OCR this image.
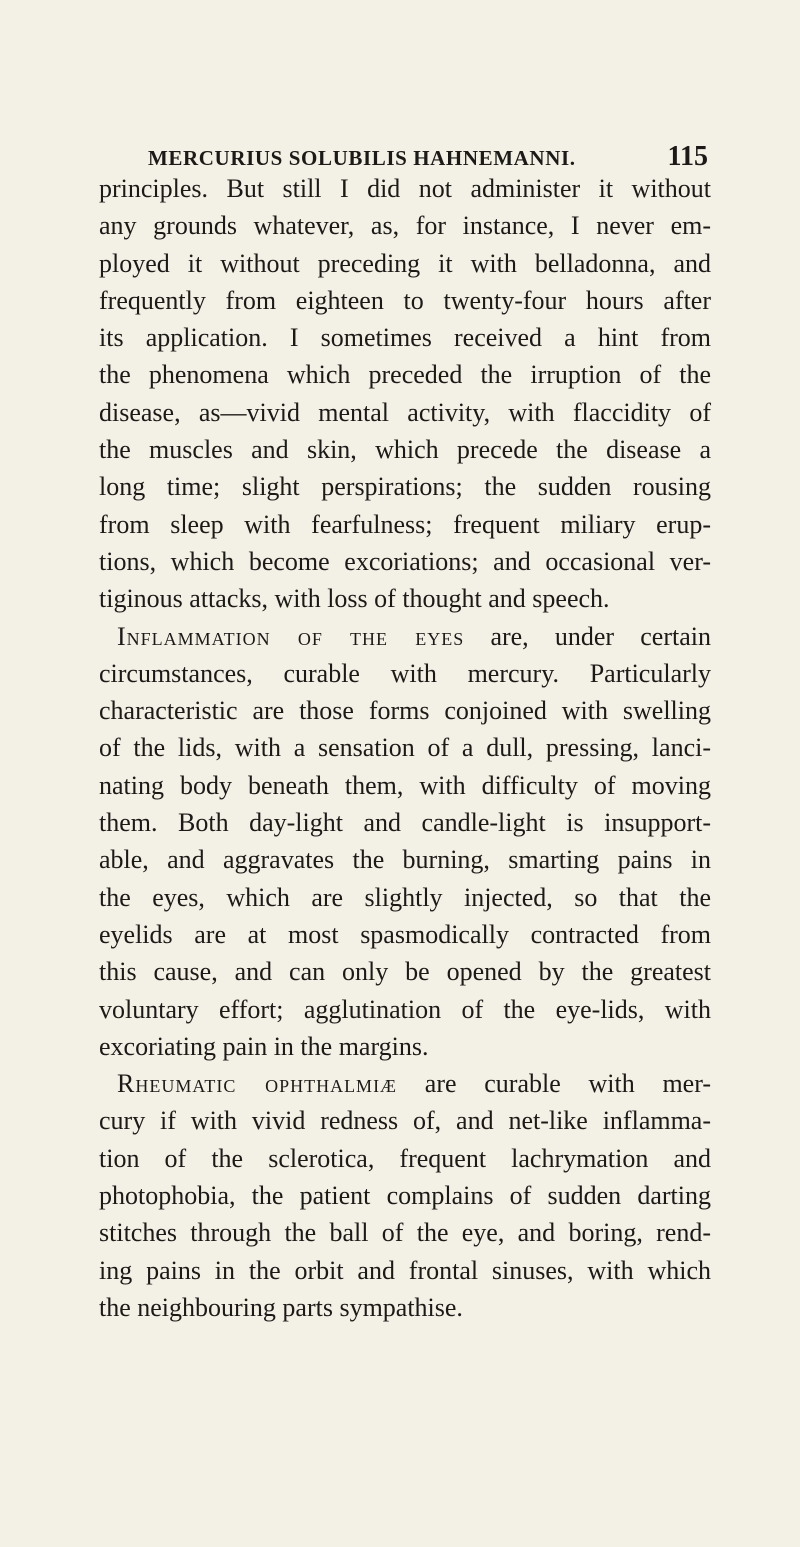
MERCURIUS SOLUBILIS HAHNEMANNI.	115
principles. But still I did not administer it without
any grounds whatever, as, for instance, I never em-
ployed it without preceding it with belladonna, and
frequently from eighteen to twenty-four hours after
its application. I sometimes received a hint from
the phenomena which preceded the irruption of the
disease, as—vivid mental activity, with flaccidity of
the muscles and skin, which precede the disease a
long time; slight perspirations; the sudden rousing
from sleep with fearfulness; frequent miliary erup-
tions, which become excoriations; and occasional ver-
tiginous attacks, with loss of thought and speech.
Inflammation of the eyes are, under certain
circumstances, curable with mercury. Particularly
characteristic are those forms conjoined with swelling
of the lids, with a sensation of a dull, pressing, lanci-
nating body beneath them, with difficulty of moving
them. Both day-light and candle-light is insupport-
able, and aggravates the burning, smarting pains in
the eyes, which are slightly injected, so that the
eyelids are at most spasmodically contracted from
this cause, and can only be opened by the greatest
voluntary effort; agglutination of the eye-lids, with
excoriating pain in the margins.
Rheumatic ophthalmiæ are curable with mer-
cury if with vivid redness of, and net-like inflamma-
tion of the sclerotica, frequent lachrymation and
photophobia, the patient complains of sudden darting
stitches through the ball of the eye, and boring, rend-
ing pains in the orbit and frontal sinuses, with which
the neighbouring parts sympathise.
